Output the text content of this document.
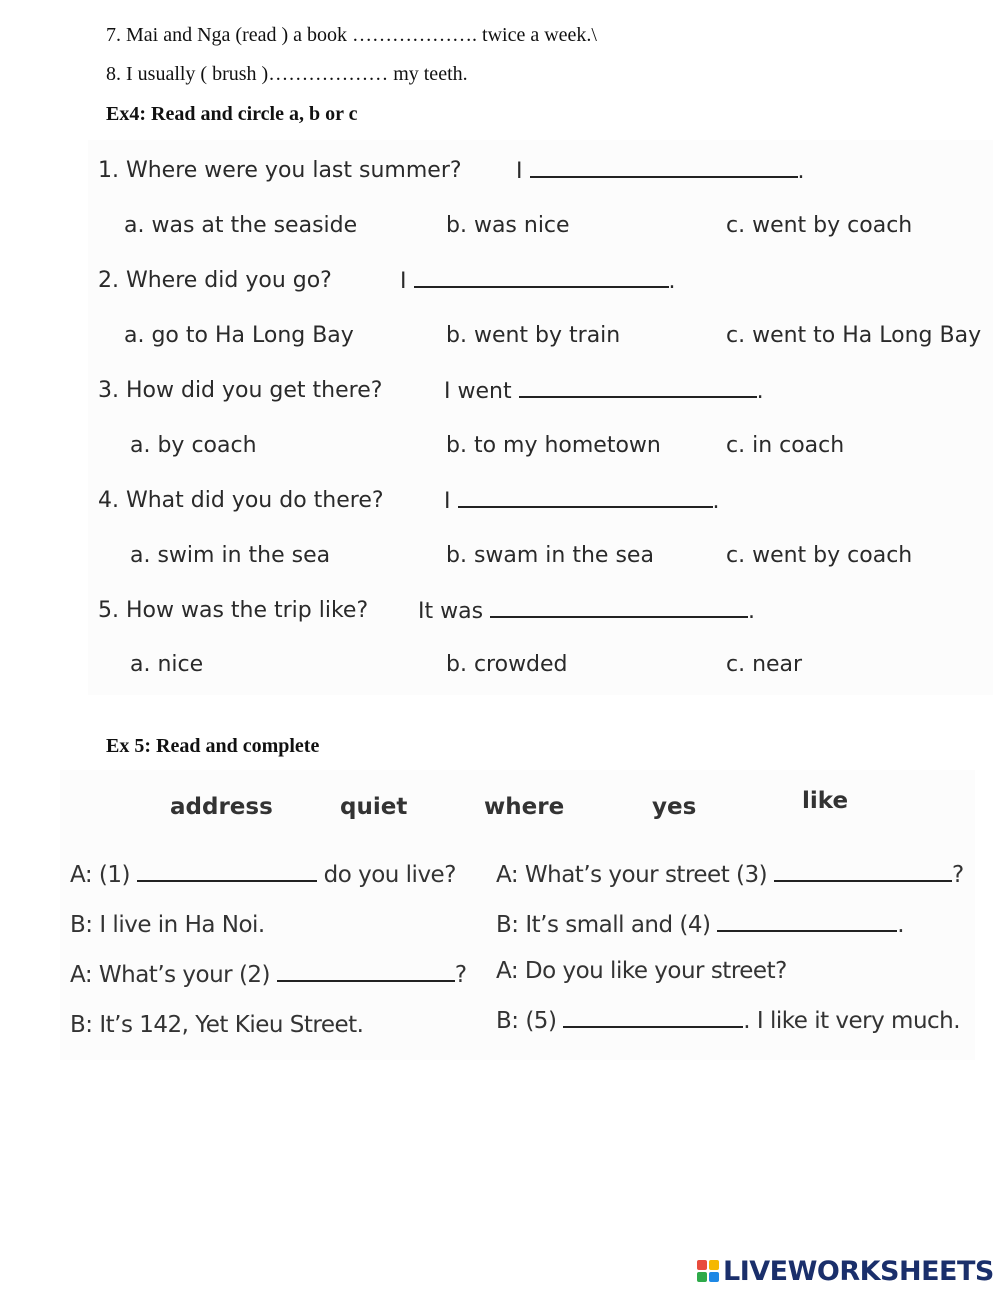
7. Mai and Nga (read ) a book ………………. twice a week.\
8. I usually ( brush )……………… my teeth.
Ex4: Read and circle a, b or c
1. Where were you last summer? I	.
a. was at the seaside	b. was nice	c. went by coach
2. Where did you go?	I	.
a. go to Ha Long Bay	b. went by train	c. went to Ha Long Bay
3. How did you get there?	I went	.
a. by coach	b. to my hometown	c. in coach
4. What did you do there?	I	.
a. swim in the sea	b. swam in the sea	c. went by coach
5. How was the trip like? It was	.
a. nice	b. crowded	c. near
Ex 5: Read and complete
address	quiet	where	yes	like
A: (1)	do you live?
B: I live in Ha Noi.
A: What’s your (2)	?
B: It’s 142, Yet Kieu Street.
A: What’s your street (3)	?
B: It’s small and (4)	.
A: Do you like your street?
B: (5)	. I like it very much.
LIVEWORKSHEETS
